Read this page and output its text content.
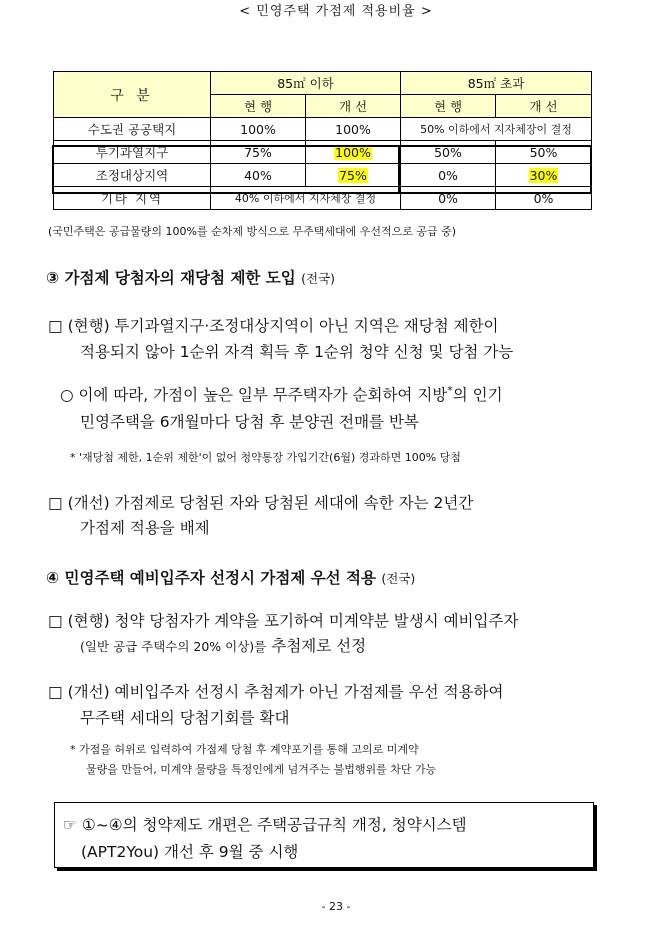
< 민영주택 가점제 적용비율 >
구 분	85㎡ 이하		85㎡ 초과	
	현 행	개 선	현 행	개 선
수도권 공공택지	100%	100%	50% 이하에서 지자체장이 결정	
투기과열지구	75%	100%	50%	50%
조정대상지역	40%	75%	0%	30%
기타 지역	40% 이하에서 지자체장 결정		0%	0%
(국민주택은 공급물량의 100%를 순차제 방식으로 무주택세대에 우선적으로 공급 중)
③ 가점제 당첨자의 재당첨 제한 도입 (전국)
□ (현행) 투기과열지구·조정대상지역이 아닌 지역은 재당첨 제한이
적용되지 않아 1순위 자격 획득 후 1순위 청약 신청 및 당첨 가능
○ 이에 따라, 가점이 높은 일부 무주택자가 순회하여 지방*의 인기
민영주택을 6개월마다 당첨 후 분양권 전매를 반복
* '재당첨 제한, 1순위 제한'이 없어 청약통장 가입기간(6월) 경과하면 100% 당첨
□ (개선) 가점제로 당첨된 자와 당첨된 세대에 속한 자는 2년간
가점제 적용을 배제
④ 민영주택 예비입주자 선정시 가점제 우선 적용 (전국)
□ (현행) 청약 당첨자가 계약을 포기하여 미계약분 발생시 예비입주자
(일반 공급 주택수의 20% 이상)를 추첨제로 선정
□ (개선) 예비입주자 선정시 추첨제가 아닌 가점제를 우선 적용하여
무주택 세대의 당첨기회를 확대
* 가점을 허위로 입력하여 가점제 당첨 후 계약포기를 통해 고의로 미계약
물량을 만들어, 미계약 물량을 특정인에게 넘겨주는 불법행위를 차단 가능
☞ ①~④의 청약제도 개편은 주택공급규칙 개정, 청약시스템
(APT2You) 개선 후 9월 중 시행
- 23 -
